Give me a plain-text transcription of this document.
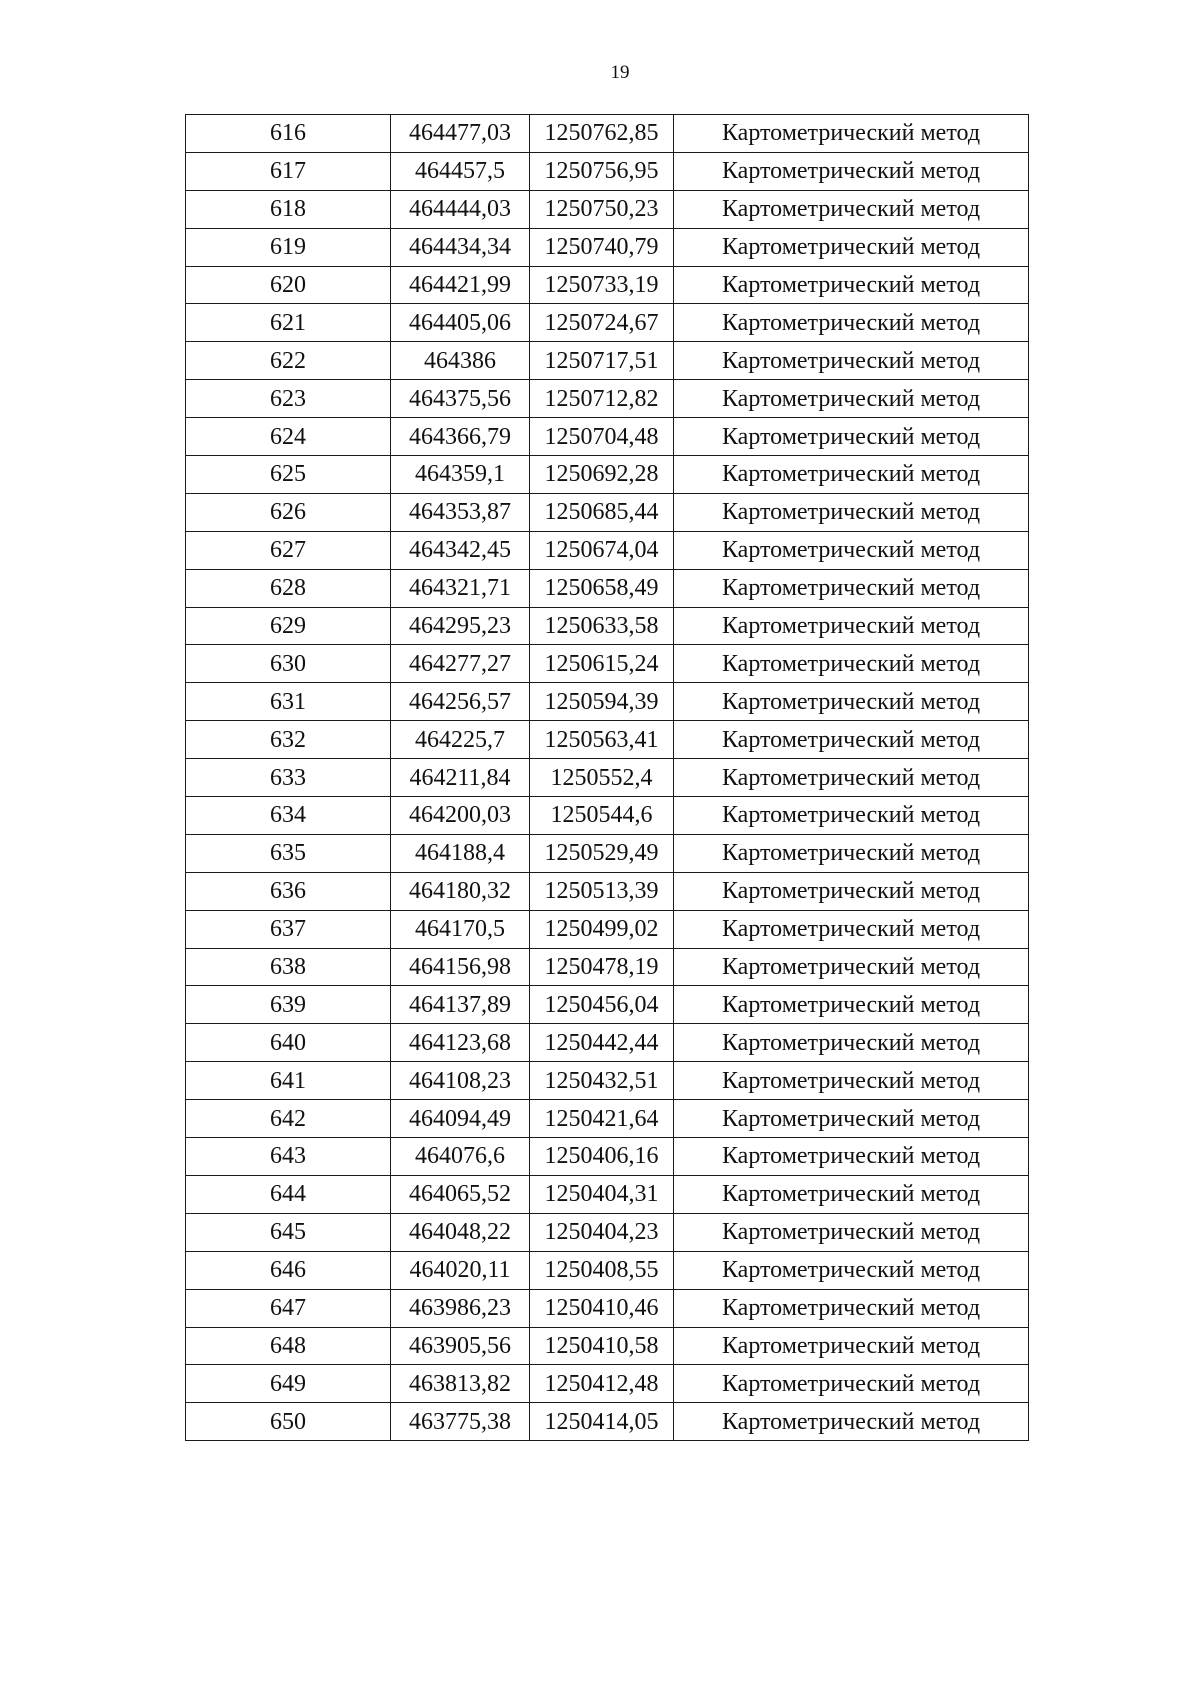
19
616	464477,03	1250762,85	Картометрический метод
617	464457,5	1250756,95	Картометрический метод
618	464444,03	1250750,23	Картометрический метод
619	464434,34	1250740,79	Картометрический метод
620	464421,99	1250733,19	Картометрический метод
621	464405,06	1250724,67	Картометрический метод
622	464386	1250717,51	Картометрический метод
623	464375,56	1250712,82	Картометрический метод
624	464366,79	1250704,48	Картометрический метод
625	464359,1	1250692,28	Картометрический метод
626	464353,87	1250685,44	Картометрический метод
627	464342,45	1250674,04	Картометрический метод
628	464321,71	1250658,49	Картометрический метод
629	464295,23	1250633,58	Картометрический метод
630	464277,27	1250615,24	Картометрический метод
631	464256,57	1250594,39	Картометрический метод
632	464225,7	1250563,41	Картометрический метод
633	464211,84	1250552,4	Картометрический метод
634	464200,03	1250544,6	Картометрический метод
635	464188,4	1250529,49	Картометрический метод
636	464180,32	1250513,39	Картометрический метод
637	464170,5	1250499,02	Картометрический метод
638	464156,98	1250478,19	Картометрический метод
639	464137,89	1250456,04	Картометрический метод
640	464123,68	1250442,44	Картометрический метод
641	464108,23	1250432,51	Картометрический метод
642	464094,49	1250421,64	Картометрический метод
643	464076,6	1250406,16	Картометрический метод
644	464065,52	1250404,31	Картометрический метод
645	464048,22	1250404,23	Картометрический метод
646	464020,11	1250408,55	Картометрический метод
647	463986,23	1250410,46	Картометрический метод
648	463905,56	1250410,58	Картометрический метод
649	463813,82	1250412,48	Картометрический метод
650	463775,38	1250414,05	Картометрический метод
